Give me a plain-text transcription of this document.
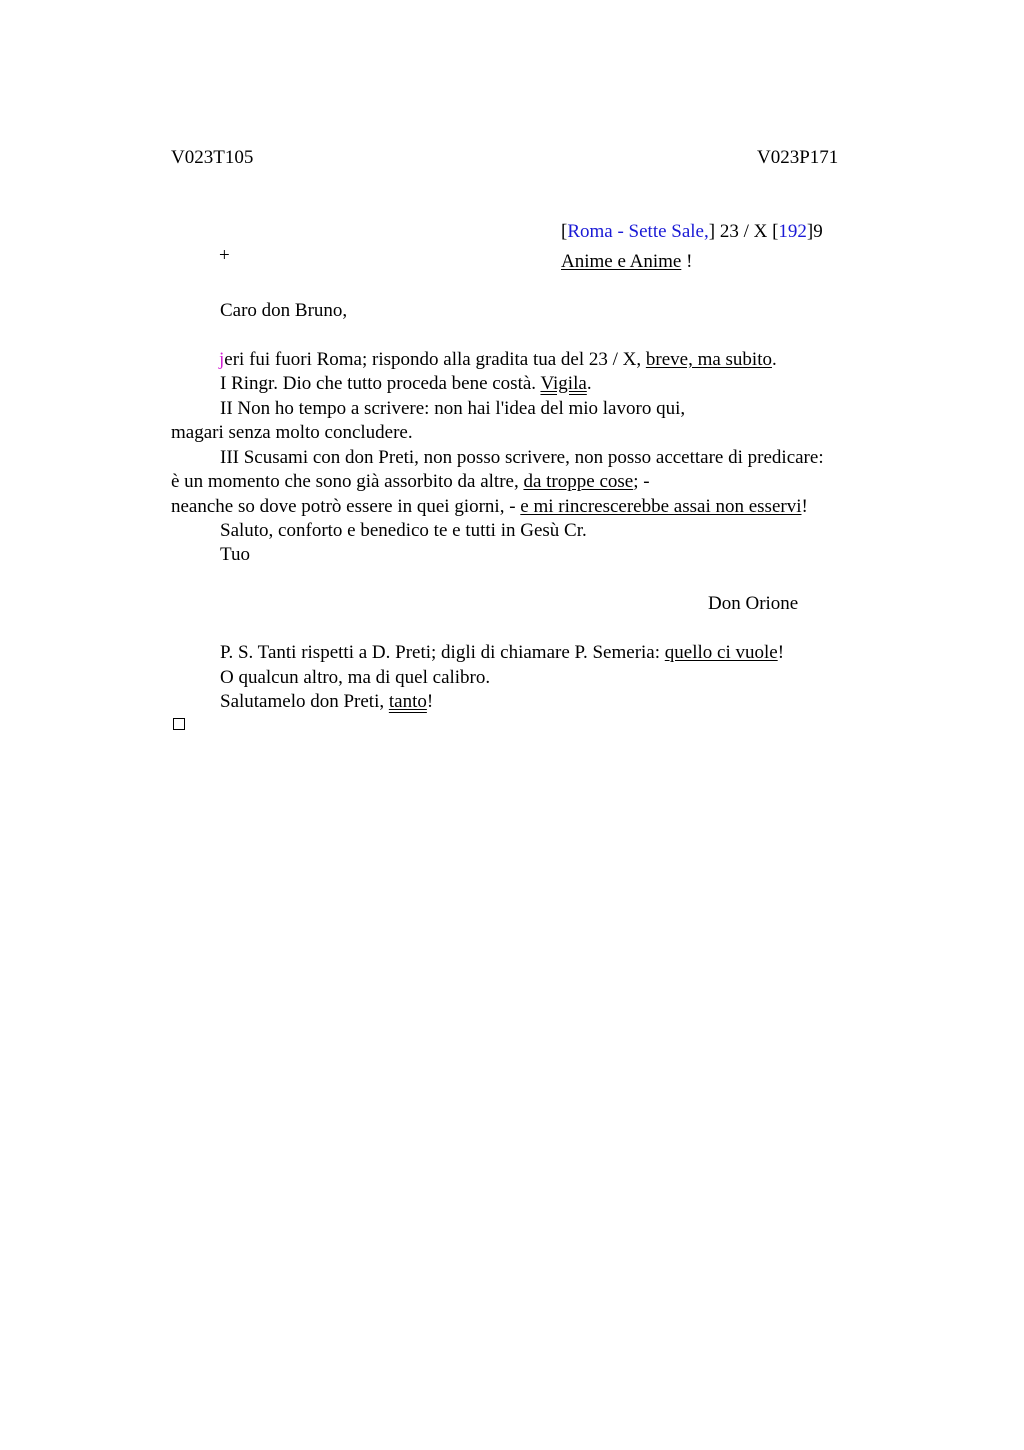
V023T105	V023P171
[Roma - Sette Sale,] 23 / X [192]9
+	Anime e Anime !
Caro don Bruno,
jeri fui fuori Roma; rispondo alla gradita tua del 23 / X, breve, ma subito.
I Ringr. Dio che tutto proceda bene costà. Vigila.
II Non ho tempo a scrivere: non hai l'idea del mio lavoro qui,
magari senza molto concludere.
III Scusami con don Preti, non posso scrivere, non posso accettare di predicare:
è un momento che sono già assorbito da altre, da troppe cose; -
neanche so dove potrò essere in quei giorni, - e mi rincrescerebbe assai non esservi!
Saluto, conforto e benedico te e tutti in Gesù Cr.
Tuo
Don Orione
P. S. Tanti rispetti a D. Preti; digli di chiamare P. Semeria: quello ci vuole!
O qualcun altro, ma di quel calibro.
Salutamelo don Preti, tanto!
